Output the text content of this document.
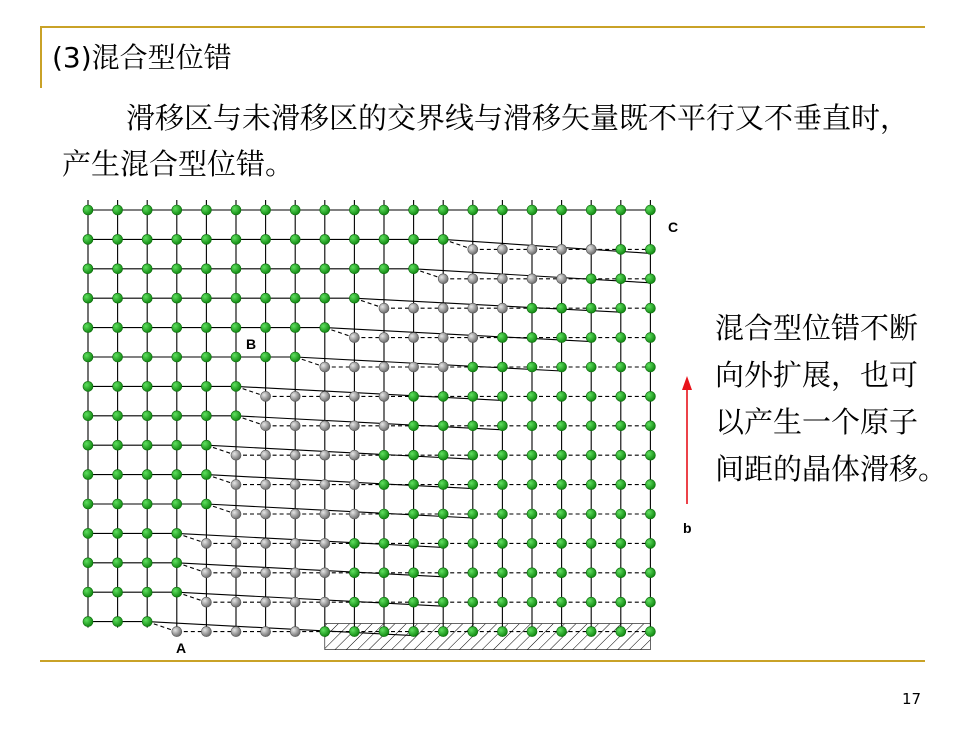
(3)混合型位错
滑移区与未滑移区的交界线与滑移矢量既不平行又不垂直时，产生混合型位错。
混合型位错不断
向外扩展，也可
以产生一个原子
间距的晶体滑移。
17
C
B
A
b
